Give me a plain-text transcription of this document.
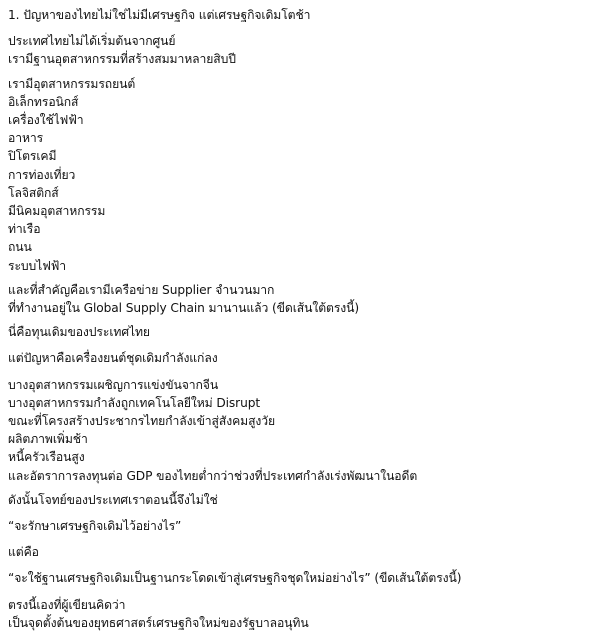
1. ปัญหาของไทยไม่ใช่ไม่มีเศรษฐกิจ แต่เศรษฐกิจเดิมโตช้า
ประเทศไทยไม่ได้เริ่มต้นจากศูนย์
เรามีฐานอุตสาหกรรมที่สร้างสมมาหลายสิบปี
เรามีอุตสาหกรรมรถยนต์
อิเล็กทรอนิกส์
เครื่องใช้ไฟฟ้า
อาหาร
ปิโตรเคมี
การท่องเที่ยว
โลจิสติกส์
มีนิคมอุตสาหกรรม
ท่าเรือ
ถนน
ระบบไฟฟ้า
และที่สำคัญคือเรามีเครือข่าย Supplier จำนวนมาก
ที่ทำงานอยู่ใน Global Supply Chain มานานแล้ว (ขีดเส้นใต้ตรงนี้)
นี่คือทุนเดิมของประเทศไทย
แต่ปัญหาคือเครื่องยนต์ชุดเดิมกำลังแก่ลง
บางอุตสาหกรรมเผชิญการแข่งขันจากจีน
บางอุตสาหกรรมกำลังถูกเทคโนโลยีใหม่ Disrupt
ขณะที่โครงสร้างประชากรไทยกำลังเข้าสู่สังคมสูงวัย
ผลิตภาพเพิ่มช้า
หนี้ครัวเรือนสูง
และอัตราการลงทุนต่อ GDP ของไทยต่ำกว่าช่วงที่ประเทศกำลังเร่งพัฒนาในอดีต
ดังนั้นโจทย์ของประเทศเราตอนนี้จึงไม่ใช่
“จะรักษาเศรษฐกิจเดิมไว้อย่างไร”
แต่คือ
“จะใช้ฐานเศรษฐกิจเดิมเป็นฐานกระโดดเข้าสู่เศรษฐกิจชุดใหม่อย่างไร” (ขีดเส้นใต้ตรงนี้)
ตรงนี้เองที่ผู้เขียนคิดว่า
เป็นจุดตั้งต้นของยุทธศาสตร์เศรษฐกิจใหม่ของรัฐบาลอนุทิน
